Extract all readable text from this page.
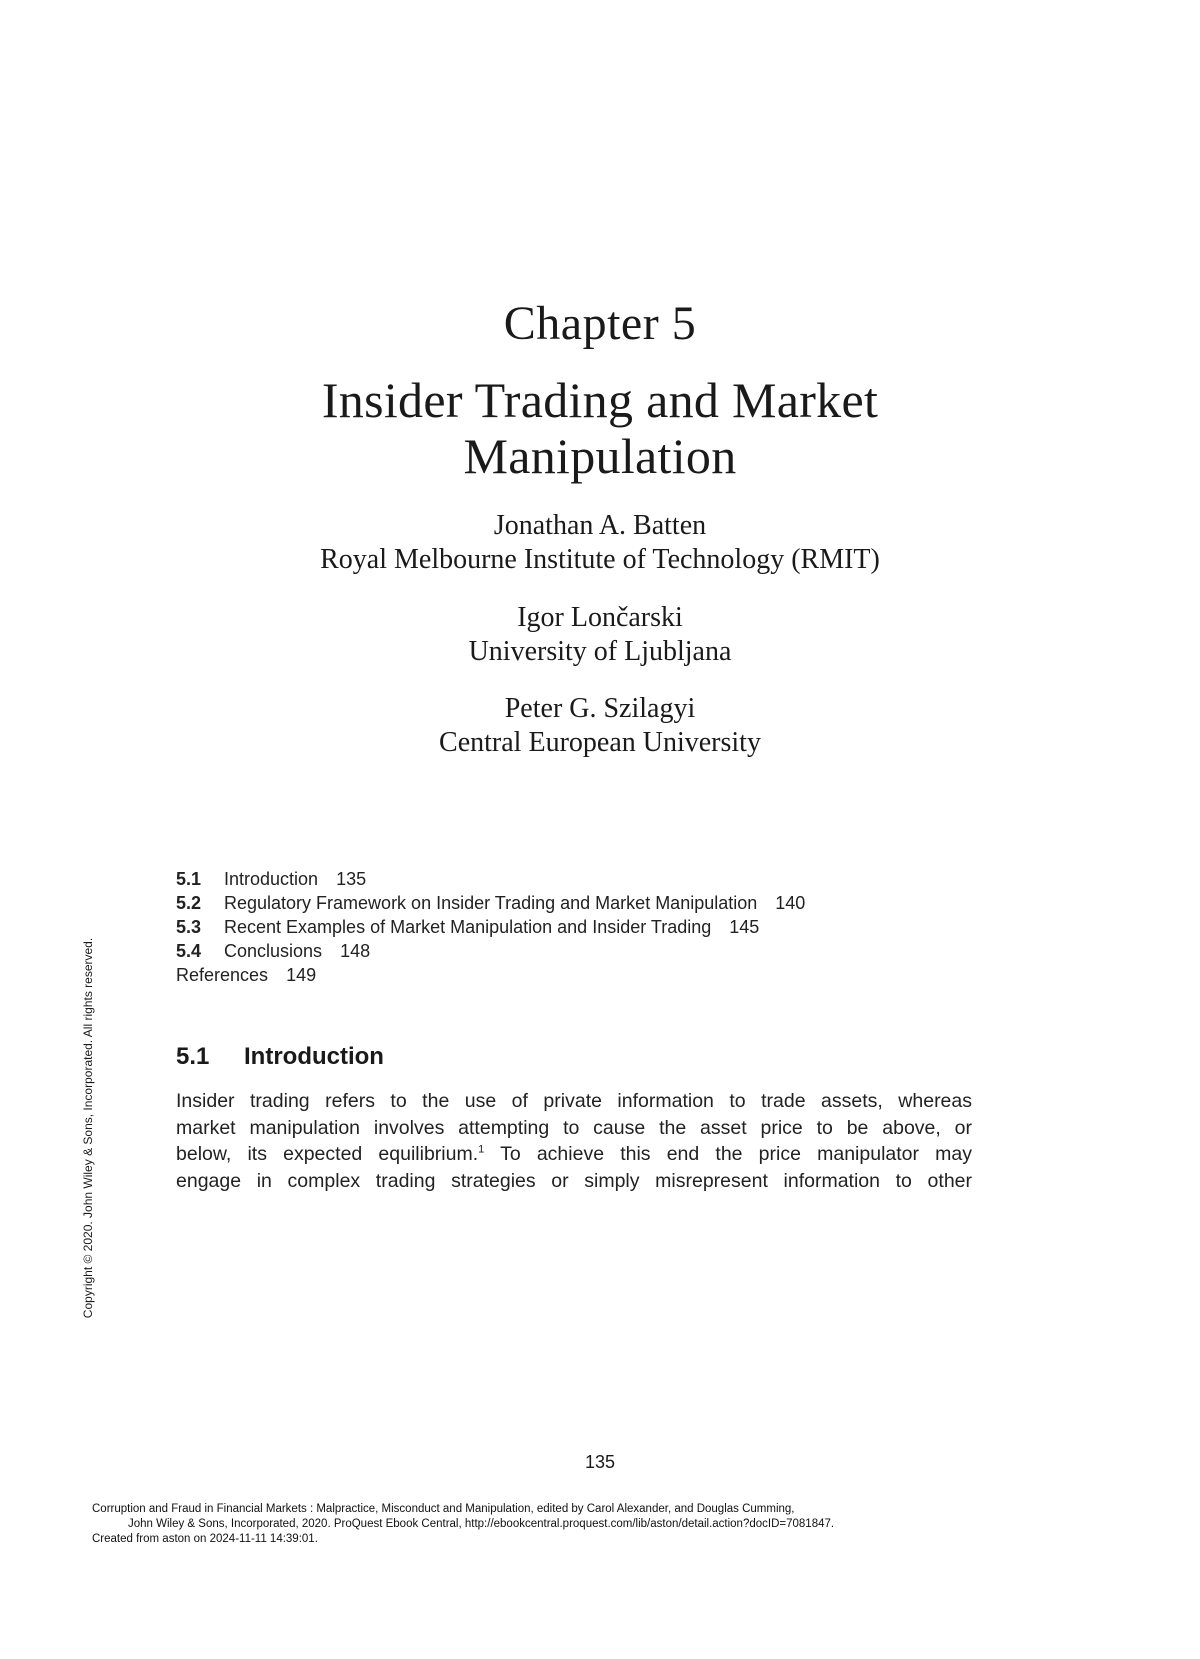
Chapter 5
Insider Trading and Market
Manipulation
Jonathan A. Batten
Royal Melbourne Institute of Technology (RMIT)
Igor Lončarski
University of Ljubljana
Peter G. Szilagyi
Central European University
5.1 Introduction 135
5.2 Regulatory Framework on Insider Trading and Market Manipulation 140
5.3 Recent Examples of Market Manipulation and Insider Trading 145
5.4 Conclusions 148
References 149
5.1 Introduction
Insider trading refers to the use of private information to trade assets, whereas
market manipulation involves attempting to cause the asset price to be above, or
below, its expected equilibrium.$^1$ To achieve this end the price manipulator may
engage in complex trading strategies or simply misrepresent information to other
Copyright © 2020. John Wiley & Sons, Incorporated. All rights reserved.
135
Corruption and Fraud in Financial Markets : Malpractice, Misconduct and Manipulation, edited by Carol Alexander, and Douglas Cumming,
John Wiley & Sons, Incorporated, 2020. ProQuest Ebook Central, http://ebookcentral.proquest.com/lib/aston/detail.action?docID=7081847.
Created from aston on 2024-11-11 14:39:01.
